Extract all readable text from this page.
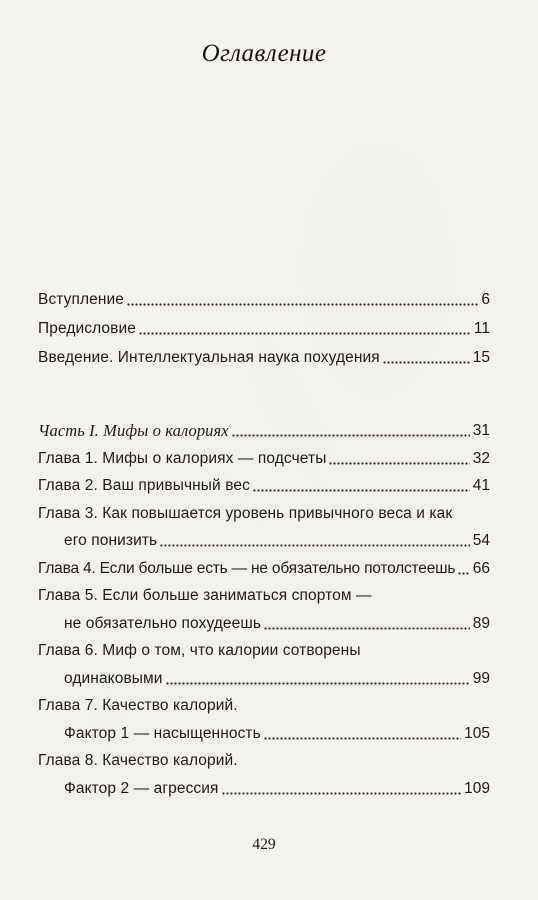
Оглавление
Вступление	6
Предисловие	11
Введение. Интеллектуальная наука похудения	15
Часть I. Мифы о калориях	31
Глава 1. Мифы о калориях — подсчеты	32
Глава 2. Ваш привычный вес	41
Глава 3. Как повышается уровень привычного веса и как
его понизить	54
Глава 4. Если больше есть — не обязательно потолстеешь 66
Глава 5. Если больше заниматься спортом —
не обязательно похудеешь	89
Глава 6. Миф о том, что калории сотворены
одинаковыми	99
Глава 7. Качество калорий.
Фактор 1 — насыщенность	105
Глава 8. Качество калорий.
Фактор 2 — агрессия	109
429
